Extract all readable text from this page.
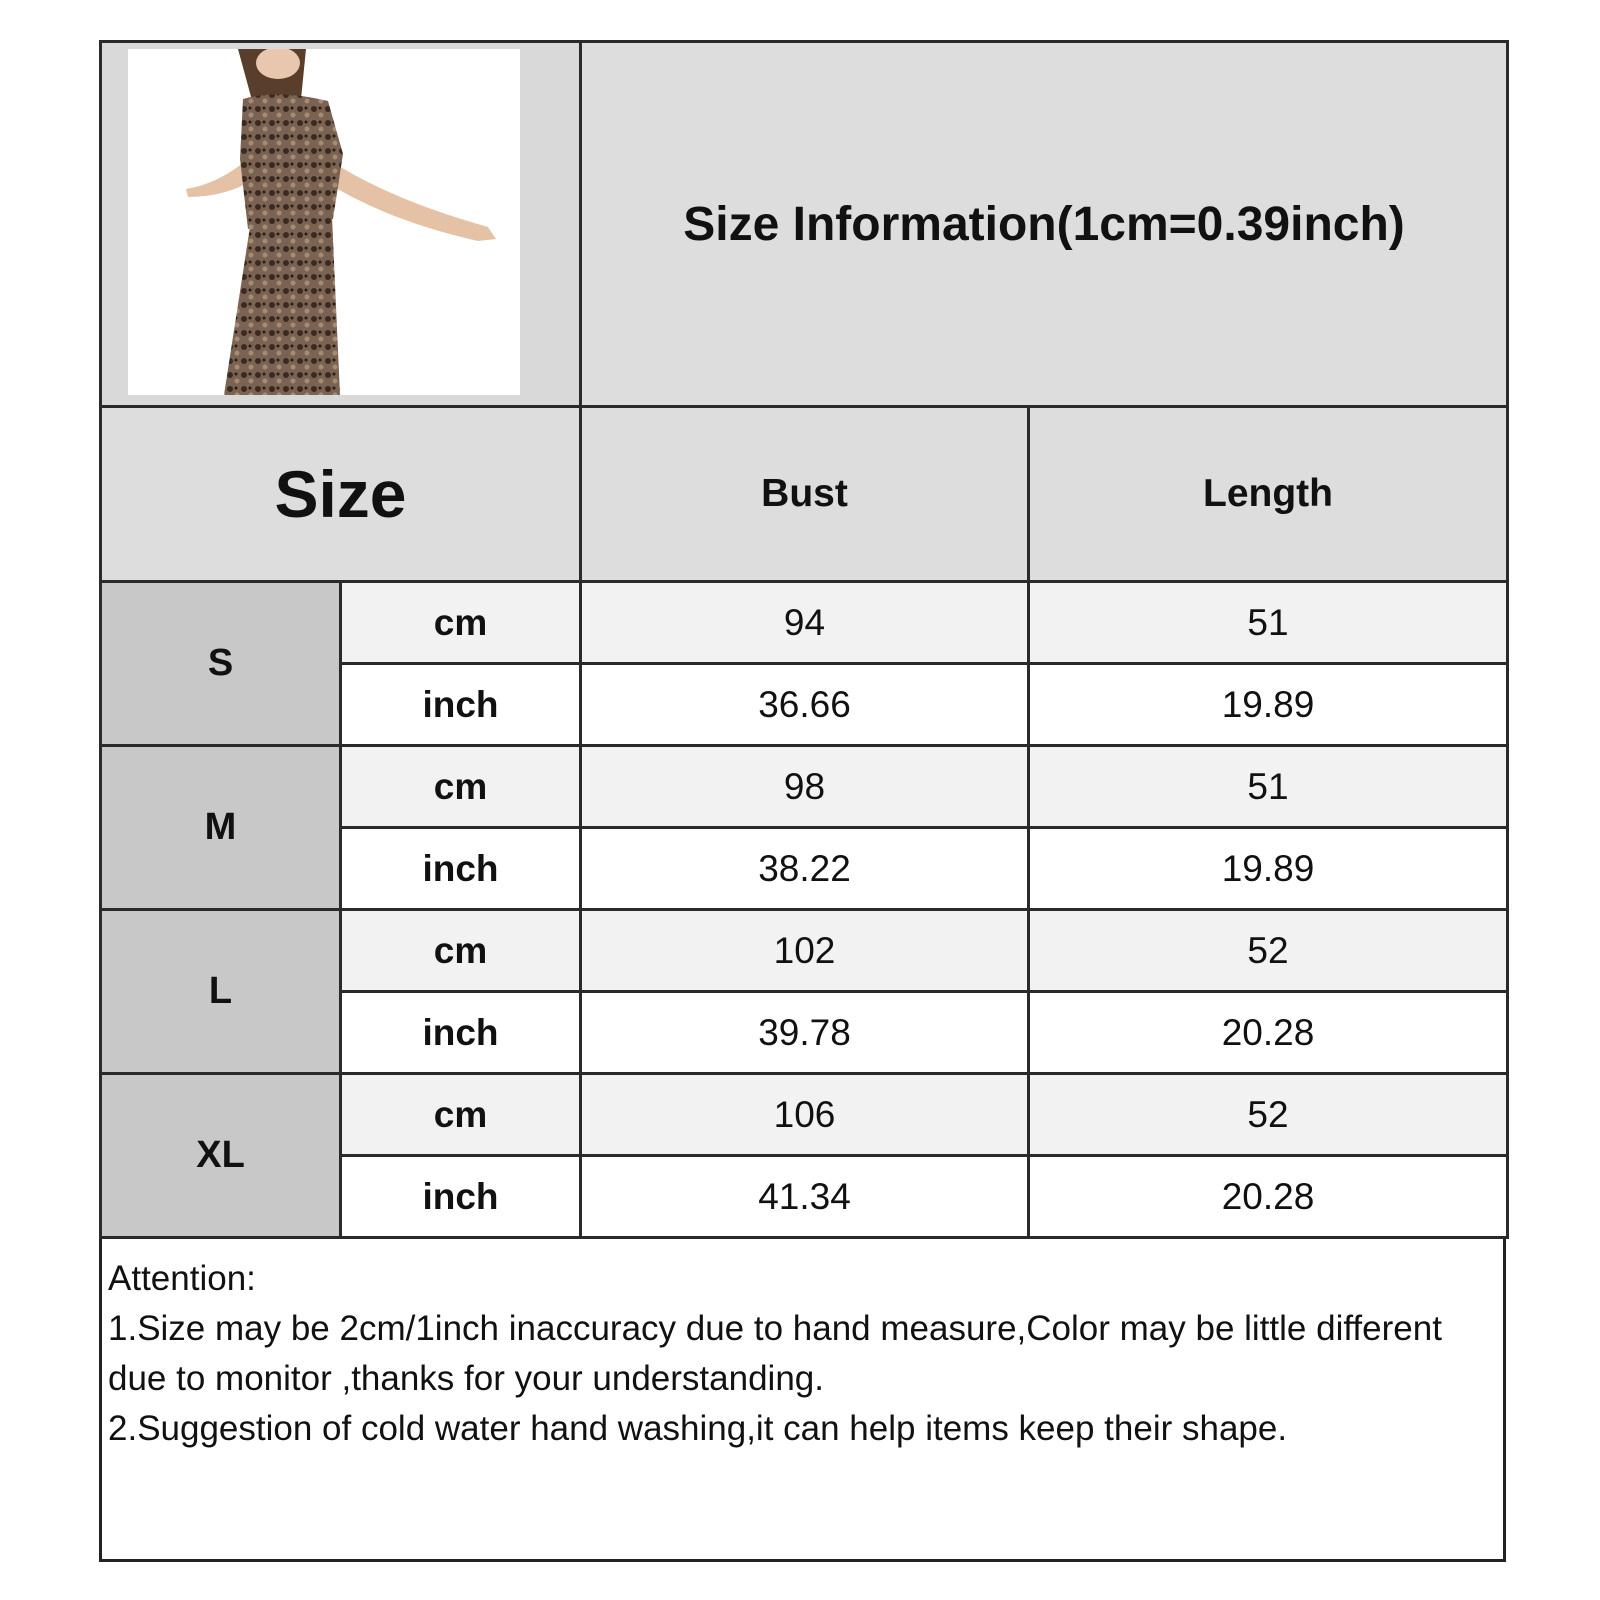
	Size Information(1cm=0.39inch)	
Size		Bust	Length
S	cm	94	51
	inch	36.66	19.89
M	cm	98	51
	inch	38.22	19.89
L	cm	102	52
	inch	39.78	20.28
XL	cm	106	52
	inch	41.34	20.28
Attention:
1.Size may be 2cm/1inch inaccuracy due to hand measure,Color may be little different due to monitor ,thanks for your understanding.
2.Suggestion of cold water hand washing,it can help items keep their shape.
